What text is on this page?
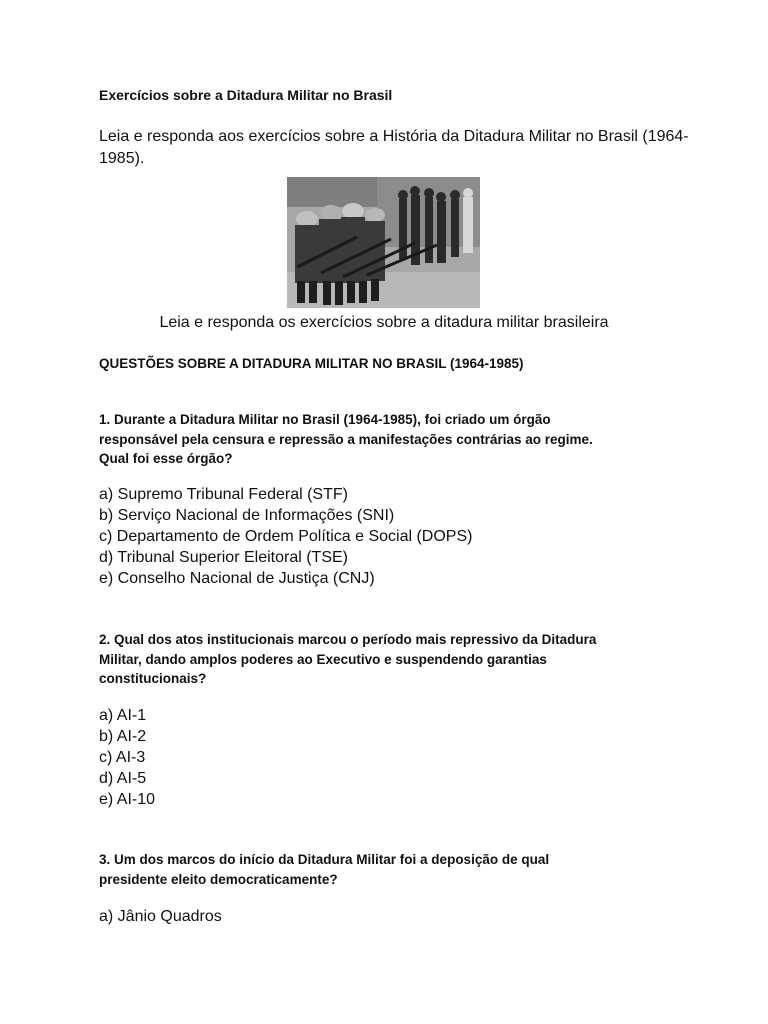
Exercícios sobre a Ditadura Militar no Brasil
Leia e responda aos exercícios sobre a História da Ditadura Militar no Brasil (1964-1985).
Leia e responda os exercícios sobre a ditadura militar brasileira
QUESTÕES SOBRE A DITADURA MILITAR NO BRASIL (1964-1985)
1. Durante a Ditadura Militar no Brasil (1964-1985), foi criado um órgão
responsável pela censura e repressão a manifestações contrárias ao regime.
Qual foi esse órgão?
a) Supremo Tribunal Federal (STF)
b) Serviço Nacional de Informações (SNI)
c) Departamento de Ordem Política e Social (DOPS)
d) Tribunal Superior Eleitoral (TSE)
e) Conselho Nacional de Justiça (CNJ)
2. Qual dos atos institucionais marcou o período mais repressivo da Ditadura
Militar, dando amplos poderes ao Executivo e suspendendo garantias
constitucionais?
a) AI-1
b) AI-2
c) AI-3
d) AI-5
e) AI-10
3. Um dos marcos do início da Ditadura Militar foi a deposição de qual
presidente eleito democraticamente?
a) Jânio Quadros
